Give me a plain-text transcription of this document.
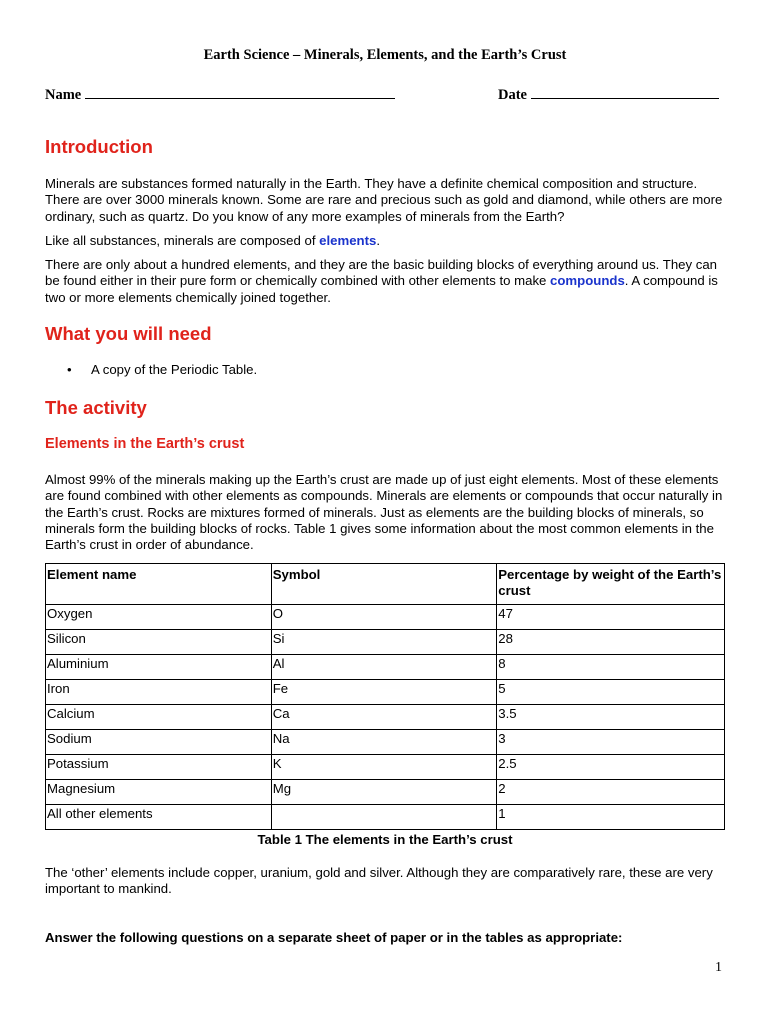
Earth Science – Minerals, Elements, and the Earth’s Crust
Name	Date
Introduction

Minerals are substances formed naturally in the Earth. They have a definite chemical composition and structure. There are over 3000 minerals known. Some are rare and precious such as gold and diamond, while others are more ordinary, such as quartz. Do you know of any more examples of minerals from the Earth?

Like all substances, minerals are composed of elements.

There are only about a hundred elements, and they are the basic building blocks of everything around us. They can be found either in their pure form or chemically combined with other elements to make compounds. A compound is two or more elements chemically joined together.

What you will need
• A copy of the Periodic Table.
The activity
Elements in the Earth’s crust

Almost 99% of the minerals making up the Earth’s crust are made up of just eight elements. Most of these elements are found combined with other elements as compounds. Minerals are elements or compounds that occur naturally in the Earth’s crust. Rocks are mixtures formed of minerals. Just as elements are the building blocks of minerals, so minerals form the building blocks of rocks. Table 1 gives some information about the most common elements in the Earth’s crust in order of abundance.

Element name	Symbol	Percentage by weight of the Earth’s crust
Oxygen	O	47
Silicon	Si	28
Aluminium	Al	8
Iron	Fe	5
Calcium	Ca	3.5
Sodium	Na	3
Potassium	K	2.5
Magnesium	Mg	2
All other elements		1
Table 1 The elements in the Earth’s crust

The ‘other’ elements include copper, uranium, gold and silver. Although they are comparatively rare, these are very important to mankind.

Answer the following questions on a separate sheet of paper or in the tables as appropriate:

1
